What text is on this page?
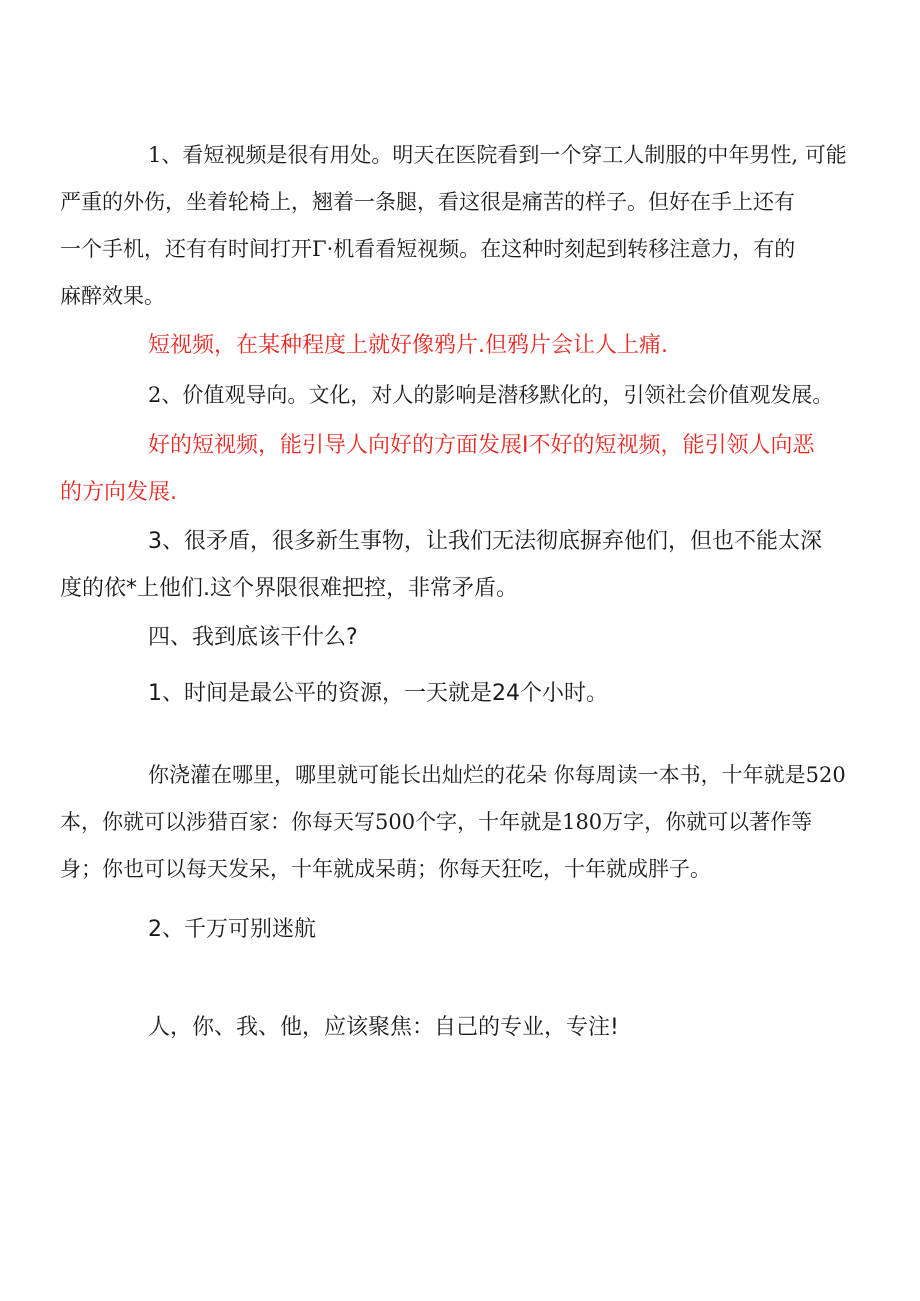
1、看短视频是很有用处。明天在医院看到一个穿工人制服的中年男性, 可能
严重的外伤，坐着轮椅上，翘着一条腿，看这很是痛苦的样子。但好在手上还有
一个手机，还有有时间打开Γ·机看看短视频。在这种时刻起到转移注意力，有的
麻醉效果。

短视频，在某种程度上就好像鸦片.但鸦片会让人上痛.

2、价值观导向。文化，对人的影响是潜移默化的，引领社会价值观发展。

好的短视频，能引导人向好的方面发展I不好的短视频，能引领人向恶
的方向发展.

3、很矛盾，很多新生事物，让我们无法彻底摒弃他们，但也不能太深
度的依*上他们.这个界限很难把控，非常矛盾。

四、我到底该干什么?

1、时间是最公平的资源，一天就是24个小时。

你浇灌在哪里，哪里就可能长出灿烂的花朵 你每周读一本书，十年就是520
本，你就可以涉猎百家：你每天写500个字，十年就是180万字，你就可以著作等
身；你也可以每天发呆，十年就成呆萌；你每天狂吃，十年就成胖子。

2、千万可别迷航

人，你、我、他，应该聚焦：自己的专业，专注!
